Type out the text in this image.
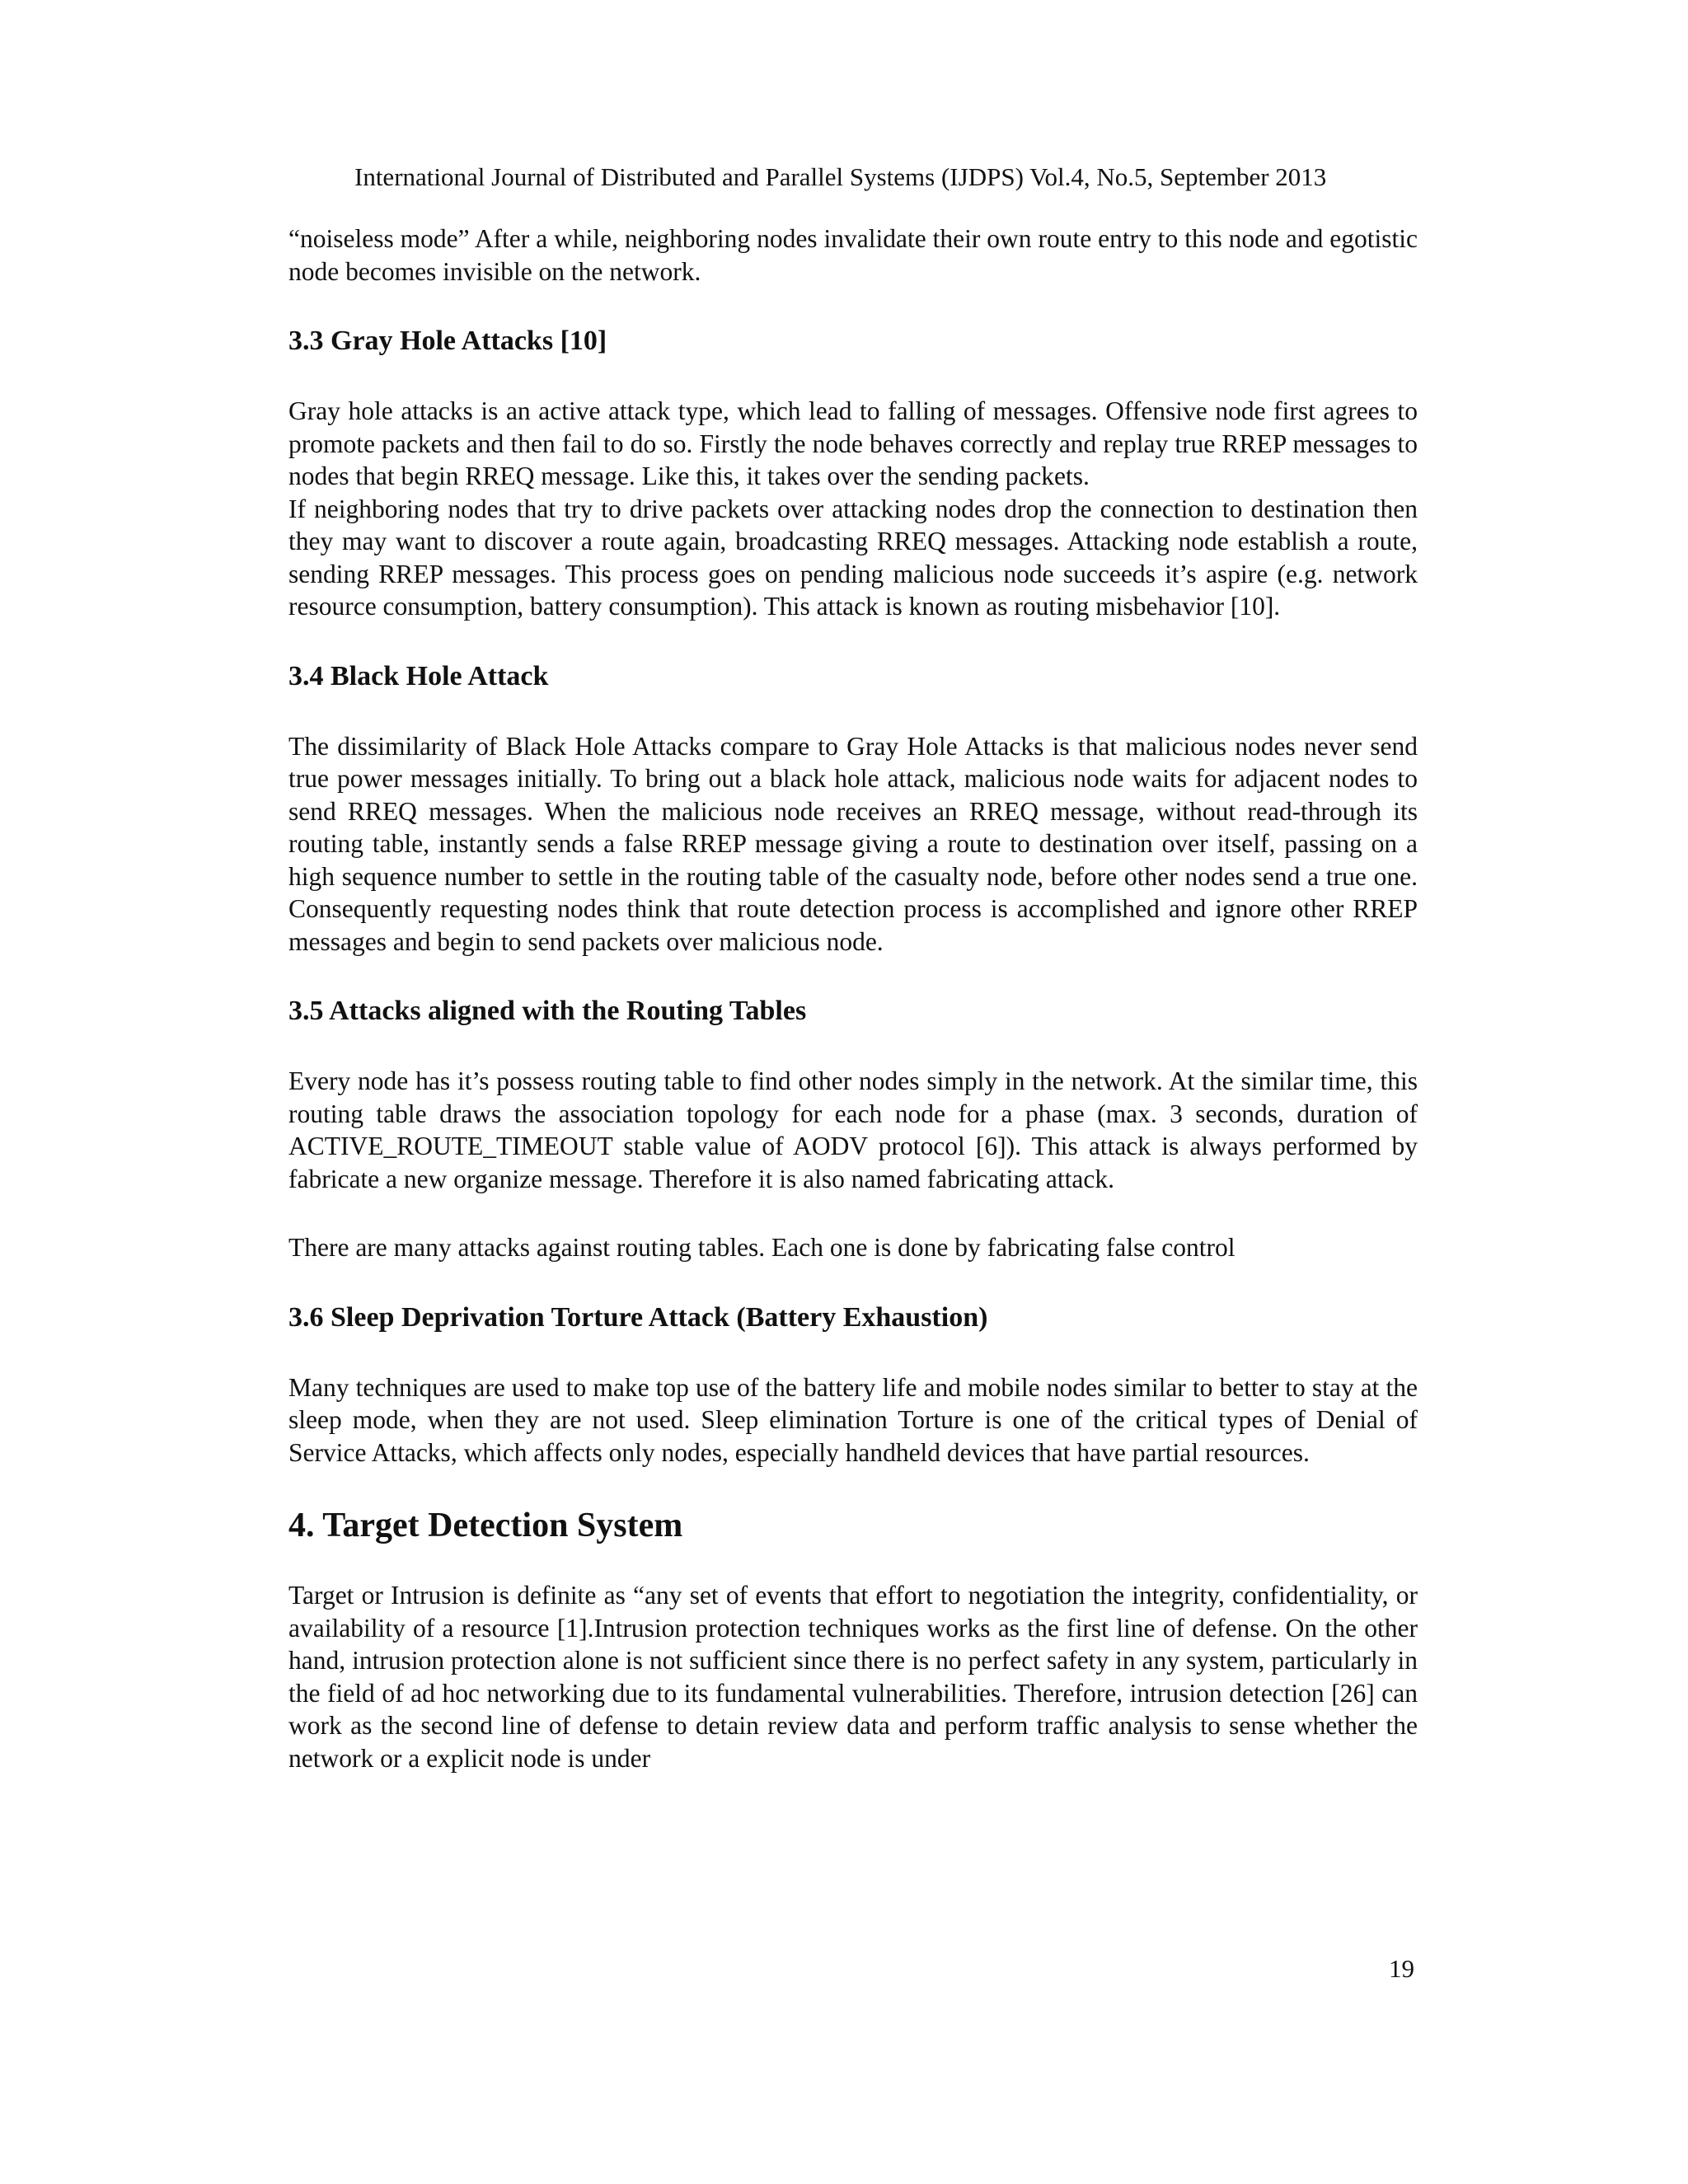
International Journal of Distributed and Parallel Systems (IJDPS) Vol.4, No.5, September 2013

“noiseless mode” After a while, neighboring nodes invalidate their own route entry to this node and egotistic node becomes invisible on the network.

3.3 Gray Hole Attacks [10]

Gray hole attacks is an active attack type, which lead to falling of messages. Offensive node first agrees to promote packets and then fail to do so. Firstly the node behaves correctly and replay true RREP messages to nodes that begin RREQ message. Like this, it takes over the sending packets.

If neighboring nodes that try to drive packets over attacking nodes drop the connection to destination then they may want to discover a route again, broadcasting RREQ messages. Attacking node establish a route, sending RREP messages. This process goes on pending malicious node succeeds it’s aspire (e.g. network resource consumption, battery consumption). This attack is known as routing misbehavior [10].

3.4 Black Hole Attack

The dissimilarity of Black Hole Attacks compare to Gray Hole Attacks is that malicious nodes never send true power messages initially. To bring out a black hole attack, malicious node waits for adjacent nodes to send RREQ messages. When the malicious node receives an RREQ message, without read-through its routing table, instantly sends a false RREP message giving a route to destination over itself, passing on a high sequence number to settle in the routing table of the casualty node, before other nodes send a true one. Consequently requesting nodes think that route detection process is accomplished and ignore other RREP messages and begin to send packets over malicious node.

3.5 Attacks aligned with the Routing Tables

Every node has it’s possess routing table to find other nodes simply in the network. At the similar time, this routing table draws the association topology for each node for a phase (max. 3 seconds, duration of ACTIVE_ROUTE_TIMEOUT stable value of AODV protocol [6]). This attack is always performed by fabricate a new organize message. Therefore it is also named fabricating attack.

There are many attacks against routing tables. Each one is done by fabricating false control

3.6 Sleep Deprivation Torture Attack (Battery Exhaustion)

Many techniques are used to make top use of the battery life and mobile nodes similar to better to stay at the sleep mode, when they are not used. Sleep elimination Torture is one of the critical types of Denial of Service Attacks, which affects only nodes, especially handheld devices that have partial resources.

4. Target Detection System

Target or Intrusion is definite as “any set of events that effort to negotiation the integrity, confidentiality, or availability of a resource [1].Intrusion protection techniques works as the first line of defense. On the other hand, intrusion protection alone is not sufficient since there is no perfect safety in any system, particularly in the field of ad hoc networking due to its fundamental vulnerabilities. Therefore, intrusion detection [26] can work as the second line of defense to detain review data and perform traffic analysis to sense whether the network or a explicit node is under

19
